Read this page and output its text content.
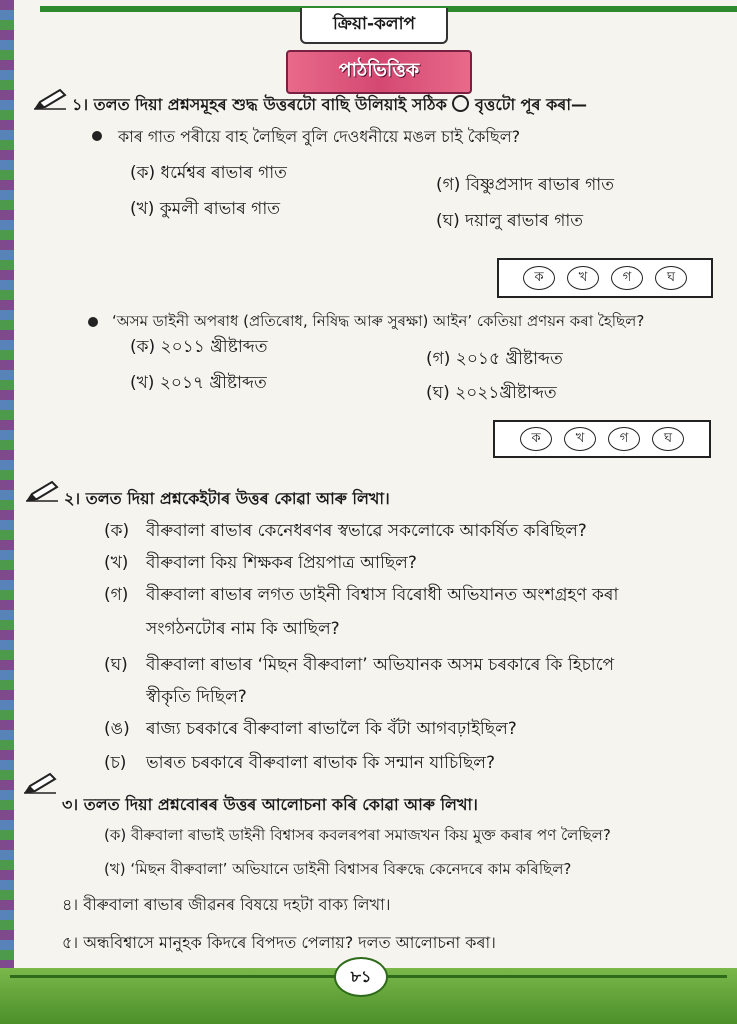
ক্ৰিয়া-কলাপ
পাঠভিত্তিক
১। তলত দিয়া প্ৰশ্নসমূহৰ শুদ্ধ উত্তৰটো বাছি উলিয়াই সঠিক বৃত্তটো পূৰ কৰা—
কাৰ গাত পৰীয়ে বাহ লৈছিল বুলি দেওধনীয়ে মঙল চাই কৈছিল?
(ক) ধৰ্মেশ্বৰ ৰাভাৰ গাত
(খ) কুমলী ৰাভাৰ গাত
(গ) বিষ্ণুপ্ৰসাদ ৰাভাৰ গাত
(ঘ) দয়ালু ৰাভাৰ গাত
ক	খ	গ	ঘ
‘অসম ডাইনী অপৰাধ (প্ৰতিৰোধ, নিষিদ্ধ আৰু সুৰক্ষা) আইন’ কেতিয়া প্ৰণয়ন কৰা হৈছিল?
(ক) ২০১১ খ্ৰীষ্টাব্দত
(খ) ২০১৭ খ্ৰীষ্টাব্দত
(গ) ২০১৫ খ্ৰীষ্টাব্দত
(ঘ) ২০২১খ্ৰীষ্টাব্দত
ক	খ	গ	ঘ
২। তলত দিয়া প্ৰশ্নকেইটাৰ উত্তৰ কোৱা আৰু লিখা।
(ক) বীৰুবালা ৰাভাৰ কেনেধৰণৰ স্বভাৱে সকলোকে আকৰ্ষিত কৰিছিল?
(খ) বীৰুবালা কিয় শিক্ষকৰ প্ৰিয়পাত্ৰ আছিল?
(গ) বীৰুবালা ৰাভাৰ লগত ডাইনী বিশ্বাস বিৰোধী অভিযানত অংশগ্ৰহণ কৰা
সংগঠনটোৰ নাম কি আছিল?
(ঘ) বীৰুবালা ৰাভাৰ ‘মিছন বীৰুবালা’ অভিযানক অসম চৰকাৰে কি হিচাপে
স্বীকৃতি দিছিল?
(ঙ) ৰাজ্য চৰকাৰে বীৰুবালা ৰাভালৈ কি বঁটা আগবঢ়াইছিল?
(চ) ভাৰত চৰকাৰে বীৰুবালা ৰাভাক কি সন্মান যাচিছিল?
৩। তলত দিয়া প্ৰশ্নবোৰৰ উত্তৰ আলোচনা কৰি কোৱা আৰু লিখা।
(ক) বীৰুবালা ৰাভাই ডাইনী বিশ্বাসৰ কবলৰপৰা সমাজখন কিয় মুক্ত কৰাৰ পণ লৈছিল?
(খ) ‘মিছন বীৰুবালা’ অভিযানে ডাইনী বিশ্বাসৰ বিৰুদ্ধে কেনেদৰে কাম কৰিছিল?
৪। বীৰুবালা ৰাভাৰ জীৱনৰ বিষয়ে দহটা বাক্য লিখা।
৫। অন্ধবিশ্বাসে মানুহক কিদৰে বিপদত পেলায়? দলত আলোচনা কৰা।
৮১
